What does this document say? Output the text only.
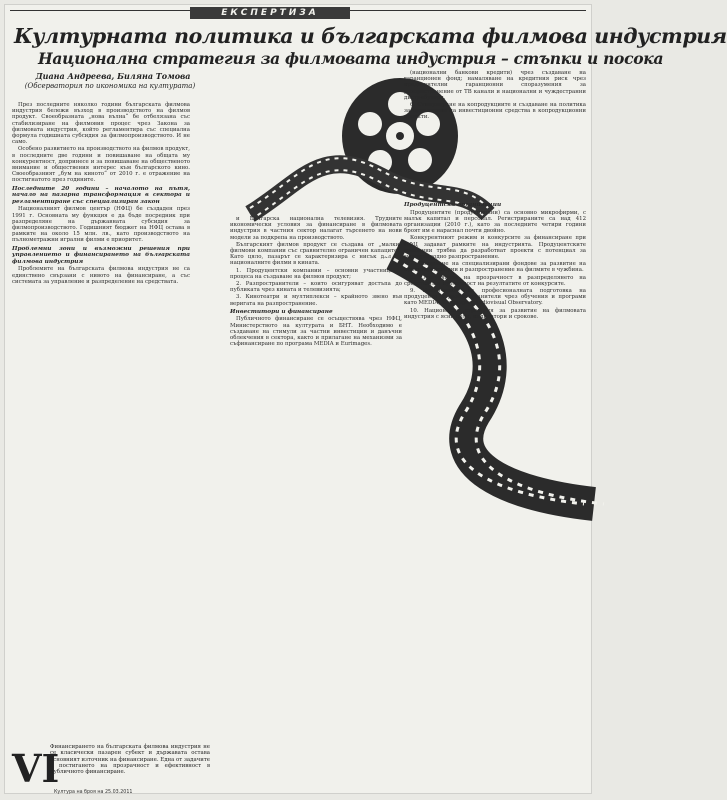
ЕКСПЕРТИЗА
Културната политика и българската филмова индустрия
Национална стратегия за филмовата индустрия – стъпки и посока
Диана Андреева, Биляна Томова
(Обсерватория по икономика на културата)

През последните няколко години българската филмова индустрия бележи възход в производството на филмов продукт. Своеобразната „нова вълна“ бе отбелязана със стабилизиране на филмовия процес чрез Закона за филмовата индустрия, който регламентира със специална формула годишната субсидия за филмопроизводството. И не само.

Особено развитието на производството на филмов продукт, в последните две години и повишаване на общата му конкурентност, допринесе и за повишаване на общественото внимание и обществения интерес към българското кино. Своеобразният „бум на киното“ от 2010 г. е отражение на постигнатото през годините.

Последните 20 години – началото на пътя, начало на пазарна трансформация в сектора и регламентиране със специализиран закон

Националният филмов център (НФЦ) бе създаден през 1991 г. Основната му функция е да бъде посредник при разпределяне на държавната субсидия за филмопроизводството. Годишният бюджет на НФЦ остава в рамките на около 15 млн. лв., като производството на пълнометражни игрални филми е приоритет.

Проблемни зони и възможни решения при управлението и финансирането на българската филмова индустрия

Проблемите на българската филмова индустрия не са единствено свързани с нивото на финансиране, а със системата за управление и разпределение на средствата.

и Българска национална телевизия. Трудните икономически условия за финансиране в филмовата индустрия в частния сектор налагат търсенето на нови модели за подкрепа на производството.

Българският филмов продукт се създава от „малки“ филмови компании със сравнително ограничен капацитет. Като цяло, пазарът се характеризира с нисък дял на националните филми в кината.

1. Продуцентски компании – основни участници в процеса на създаване на филмов продукт;

2. Разпространители – които осигуряват достъпа до публиката чрез кината и телевизията;

3. Кинотеатри и мултиплекси – крайното звено във веригата на разпространение.

Инвеститори и финансиране

Публичното финансиране се осъществява чрез НФЦ, Министерството на културата и БНТ. Необходимо е създаване на стимули за частни инвестиции и данъчни облекчения в сектора, както и прилагане на механизми за съфинансиране по програма MEDIA и Eurimages.

(национални банкови кредити) чрез създаване на гаранционен фонд; намаляване на кредитния риск чрез предварителни гаранционни споразумения за разпространение от ТВ канали и национални и чуждестранни дистрибутори.

6. Стимулиране на копродукциите и създаване на политика за привличане на инвестиционни средства в копродукционни проекти.

Продуцентски организации

Продуцентите (продукционни) са основно микрофирми, с малък капитал и персонал. Регистрираните са над 412 организации (2010 г.), като за последните четири години броят им е нараснал почти двойно.

Конкурентният режим и конкурсите за финансиране при НФЦ задават рамките на индустрията. Продуцентските компании трябва да разработват проекти с потенциал за международно разпространение.

7. Създаване на специализирани фондове за развитие на проекти, сценарии и разпространение на филмите в чужбина.

8. Осигуряване на прозрачност в разпределянето на средствата и публичност на резултатите от конкурсите.

9. Насърчаване на професионалната подготовка на продуценти и разпространители чрез обучения и програми като MEDIA, Eurimages, Audiovisual Observatory.

10. Национална стратегия за развитие на филмовата индустрия с ясни цели, индикатори и срокове.

VI
Финансирането на българската филмова индустрия не се класически пазарен субект и държавата остава основният източник на финансиране. Една от задачите е постигането на прозрачност и ефективност в публичното финансиране.
Култура на броя на 25.03.2011
